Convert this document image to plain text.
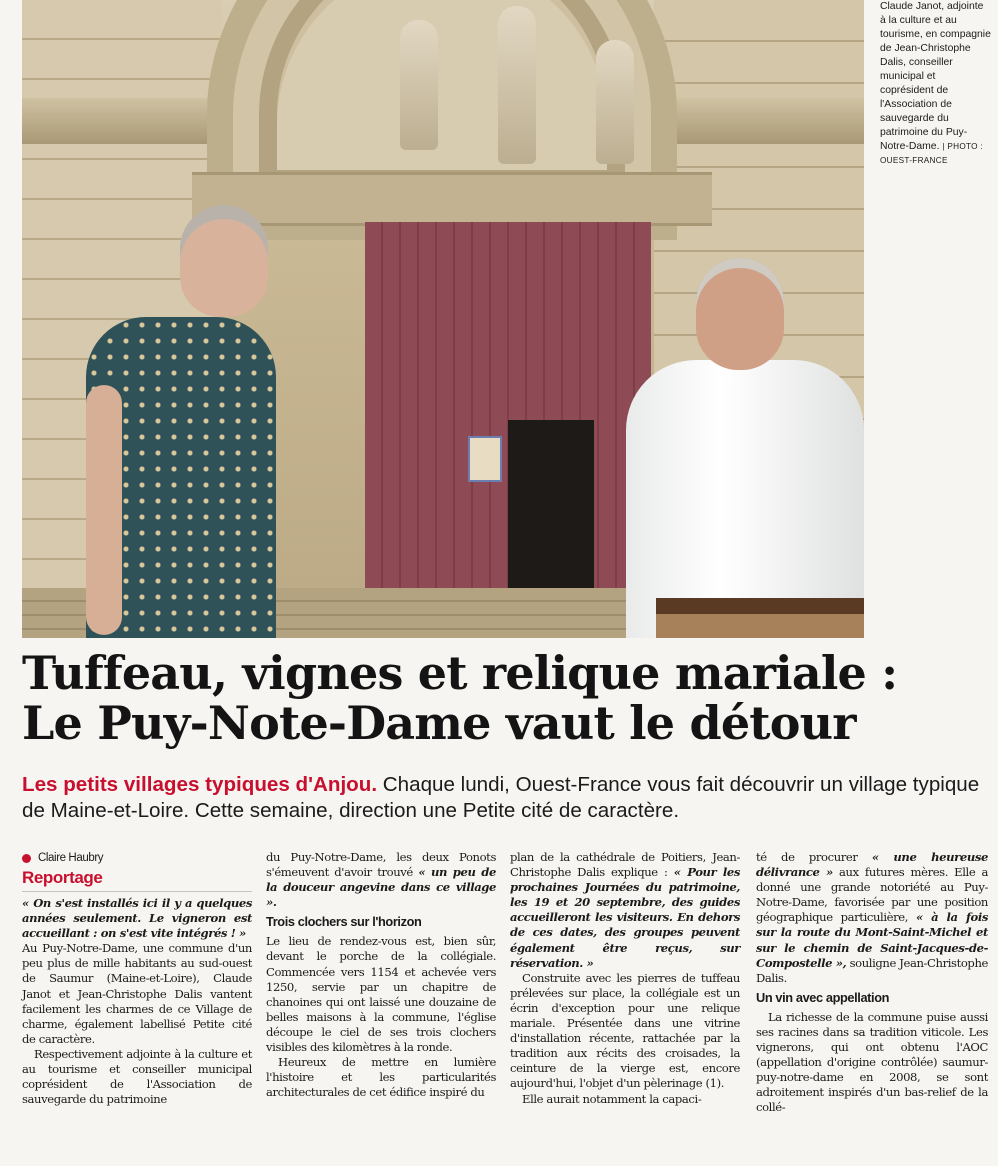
Claude Janot, adjointe à la culture et au tourisme, en compagnie de Jean-Christophe Dalis, conseiller municipal et coprésident de l'Association de sauvegarde du patrimoine du Puy-Notre-Dame. | PHOTO : OUEST-FRANCE

Tuffeau, vignes et relique mariale :
Le Puy-Note-Dame vaut le détour

Les petits villages typiques d'Anjou. Chaque lundi, Ouest-France vous fait découvrir un village typique de Maine-et-Loire. Cette semaine, direction une Petite cité de caractère.

Claire Haubry
Reportage

« On s'est installés ici il y a quelques années seulement. Le vigneron est accueillant : on s'est vite intégrés ! »

Au Puy-Notre-Dame, une commune d'un peu plus de mille habitants au sud-ouest de Saumur (Maine-et-Loire), Claude Janot et Jean-Christophe Dalis vantent facilement les charmes de ce Village de charme, également labellisé Petite cité de caractère.

Respectivement adjointe à la culture et au tourisme et conseiller municipal coprésident de l'Association de sauvegarde du patrimoine

du Puy-Notre-Dame, les deux Ponots s'émeuvent d'avoir trouvé « un peu de la douceur angevine dans ce village ».

Trois clochers sur l'horizon

Le lieu de rendez-vous est, bien sûr, devant le porche de la collégiale. Commencée vers 1154 et achevée vers 1250, servie par un chapitre de chanoines qui ont laissé une douzaine de belles maisons à la commune, l'église découpe le ciel de ses trois clochers visibles des kilomètres à la ronde.

Heureux de mettre en lumière l'histoire et les particularités architecturales de cet édifice inspiré du

plan de la cathédrale de Poitiers, Jean-Christophe Dalis explique : « Pour les prochaines Journées du patrimoine, les 19 et 20 septembre, des guides accueilleront les visiteurs. En dehors de ces dates, des groupes peuvent également être reçus, sur réservation. »

Construite avec les pierres de tuffeau prélevées sur place, la collégiale est un écrin d'exception pour une relique mariale. Présentée dans une vitrine d'installation récente, rattachée par la tradition aux récits des croisades, la ceinture de la vierge est, encore aujourd'hui, l'objet d'un pèlerinage (1).

Elle aurait notamment la capaci-

té de procurer « une heureuse délivrance » aux futures mères. Elle a donné une grande notoriété au Puy-Notre-Dame, favorisée par une position géographique particulière, « à la fois sur la route du Mont-Saint-Michel et sur le chemin de Saint-Jacques-de-Compostelle », souligne Jean-Christophe Dalis.

Un vin avec appellation

La richesse de la commune puise aussi ses racines dans sa tradition viticole. Les vignerons, qui ont obtenu l'AOC (appellation d'origine contrôlée) saumur-puy-notre-dame en 2008, se sont adroitement inspirés d'un bas-relief de la collé-
